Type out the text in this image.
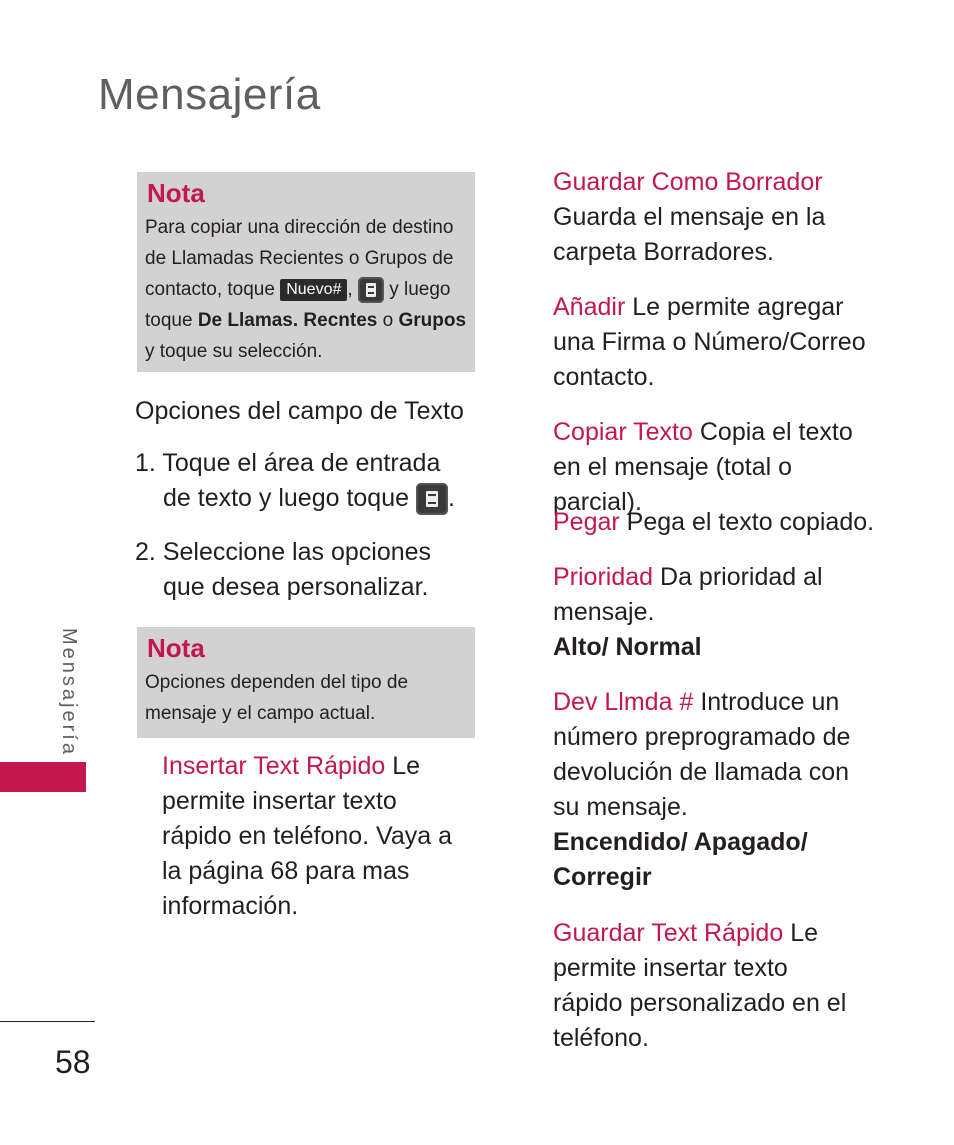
Mensajería
Mensajería
58
Nota
Para copiar una dirección de destino de Llamadas Recientes o Grupos de contacto, toque Nuevo# , y luego toque De Llamas. Recntes o Grupos y toque su selección.
Opciones del campo de Texto
1. Toque el área de entrada de texto y luego toque .
2. Seleccione las opciones que desea personalizar.
Nota
Opciones dependen del tipo de mensaje y el campo actual.
Insertar Text Rápido Le permite insertar texto rápido en teléfono. Vaya a la página 68 para mas información.
Guardar Como Borrador
Guarda el mensaje en la carpeta Borradores.
Añadir Le permite agregar una Firma o Número/Correo contacto.
Copiar Texto Copia el texto en el mensaje (total o parcial).
Pegar Pega el texto copiado.
Prioridad Da prioridad al mensaje.
Alto/ Normal
Dev Llmda # Introduce un número preprogramado de devolución de llamada con su mensaje.
Encendido/ Apagado/ Corregir
Guardar Text Rápido Le permite insertar texto rápido personalizado en el teléfono.
